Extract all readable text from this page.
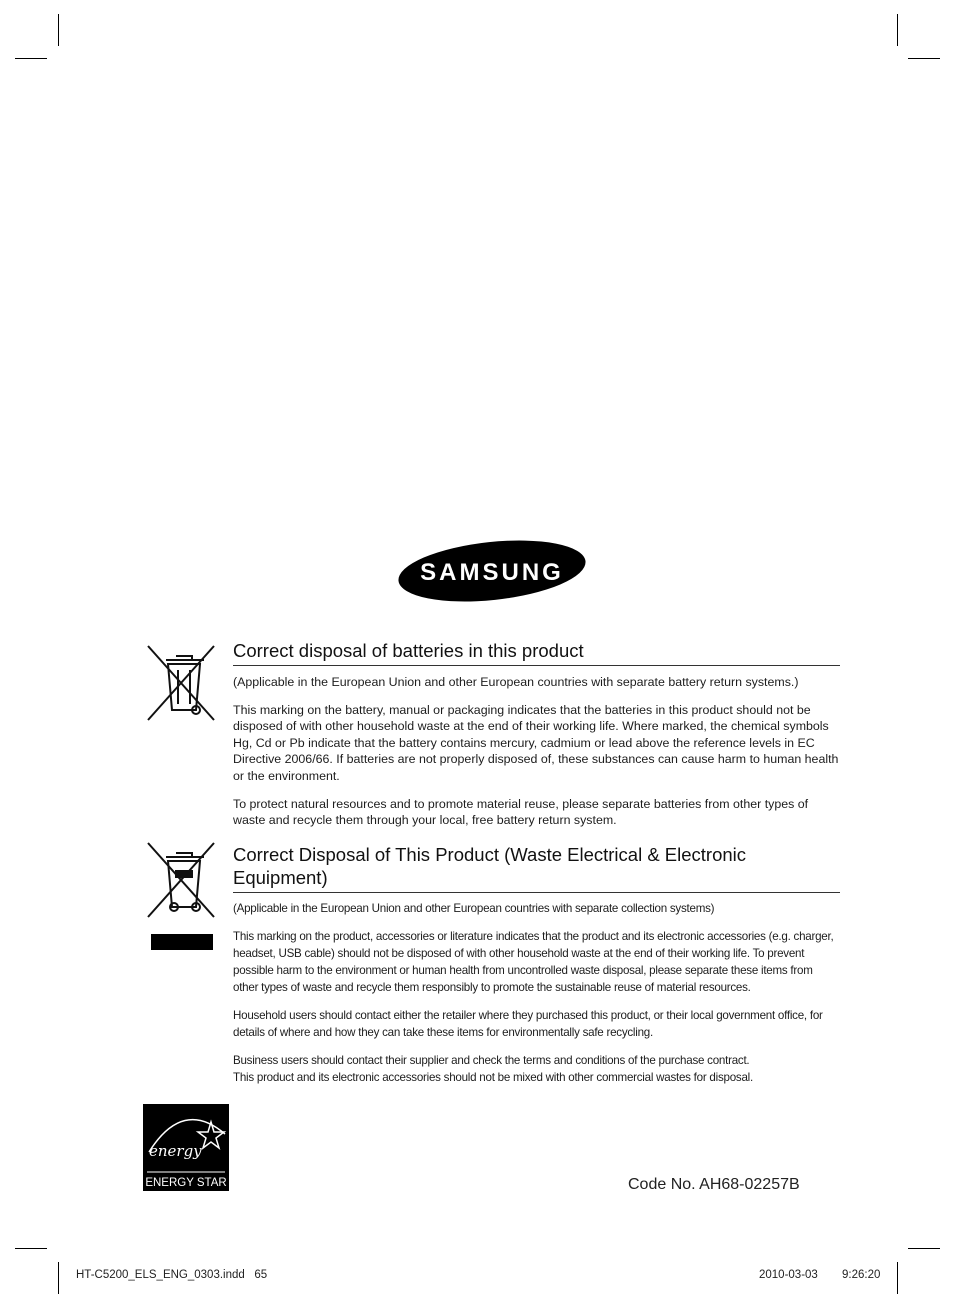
SAMSUNG
Correct disposal of batteries in this product

(Applicable in the European Union and other European countries with separate battery return systems.)

This marking on the battery, manual or packaging indicates that the batteries in this product should not be disposed of with other household waste at the end of their working life. Where marked, the chemical symbols Hg, Cd or Pb indicate that the battery contains mercury, cadmium or lead above the reference levels in EC Directive 2006/66. If batteries are not properly disposed of, these substances can cause harm to human health or the environment.

To protect natural resources and to promote material reuse, please separate batteries from other types of waste and recycle them through your local, free battery return system.

Correct Disposal of This Product (Waste Electrical & Electronic Equipment)

(Applicable in the European Union and other European countries with separate collection systems)

This marking on the product, accessories or literature indicates that the product and its electronic accessories (e.g. charger, headset, USB cable) should not be disposed of with other household waste at the end of their working life. To prevent possible harm to the environment or human health from uncontrolled waste disposal, please separate these items from other types of waste and recycle them responsibly to promote the sustainable reuse of material resources.

Household users should contact either the retailer where they purchased this product, or their local government office, for details of where and how they can take these items for environmentally safe recycling.

Business users should contact their supplier and check the terms and conditions of the purchase contract.
This product and its electronic accessories should not be mixed with other commercial wastes for disposal.

energy
ENERGY STAR	Code No. AH68-02257B
HT-C5200_ELS_ENG_0303.indd   65	2010-03-03 9:26:20
